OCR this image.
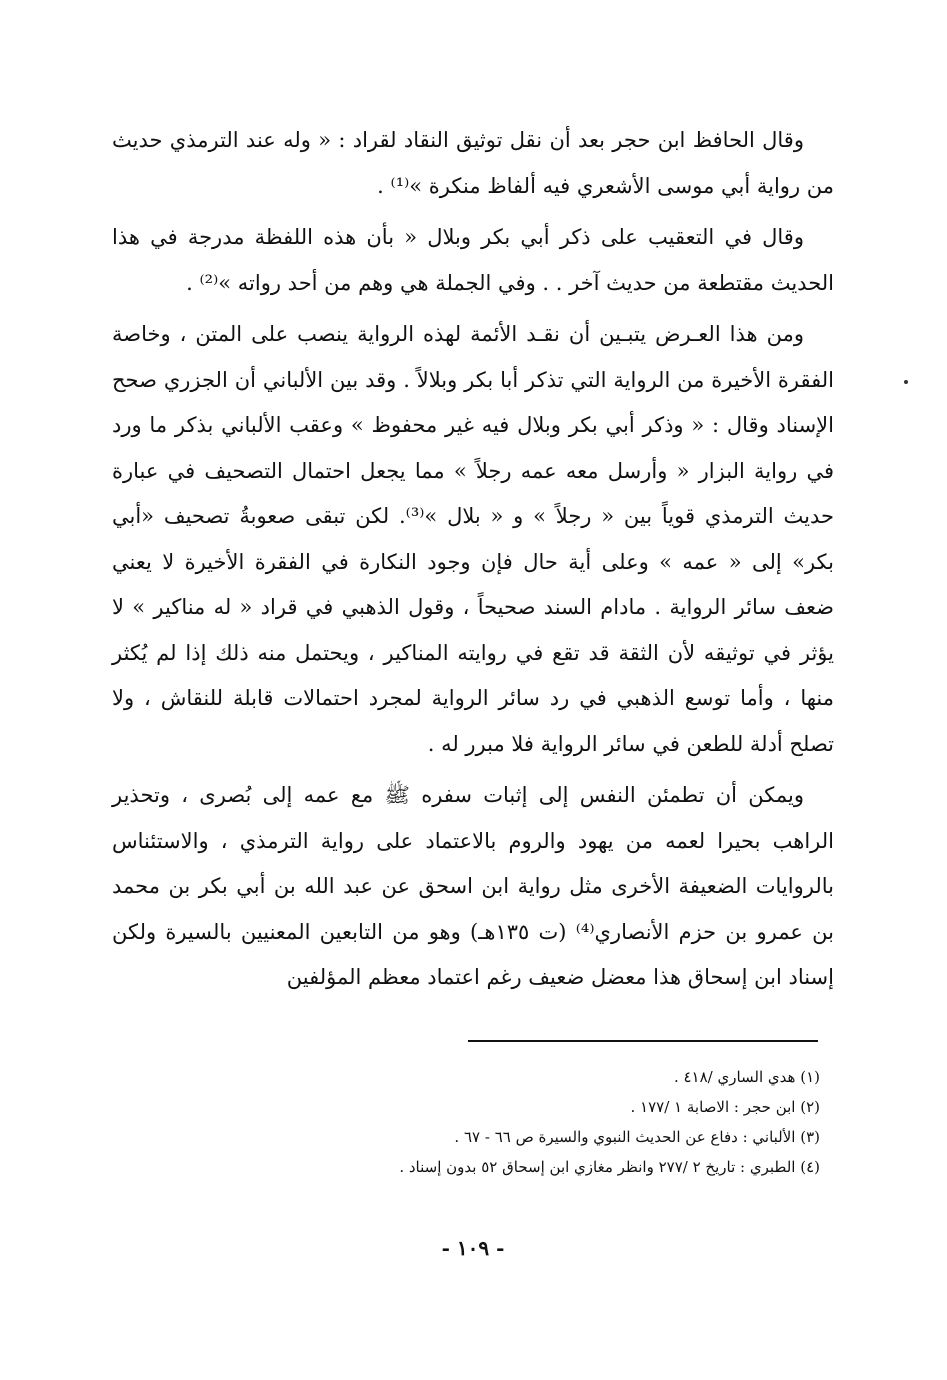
وقال الحافظ ابن حجر بعد أن نقل توثيق النقاد لقراد : « وله عند الترمذي حديث من رواية أبي موسى الأشعري فيه ألفاظ منكرة »⁽¹⁾ .

وقال في التعقيب على ذكر أبي بكر وبلال « بأن هذه اللفظة مدرجة في هذا الحديث مقتطعة من حديث آخر . . وفي الجملة هي وهم من أحد رواته »⁽²⁾ .

ومن هذا العـرض يتبـين أن نقـد الأئمة لهذه الرواية ينصب على المتن ، وخاصة الفقرة الأخيرة من الرواية التي تذكر أبا بكر وبلالاً . وقد بين الألباني أن الجزري صحح الإسناد وقال : « وذكر أبي بكر وبلال فيه غير محفوظ » وعقب الألباني بذكر ما ورد في رواية البزار « وأرسل معه عمه رجلاً » مما يجعل احتمال التصحيف في عبارة حديث الترمذي قوياً بين « رجلاً » و « بلال »⁽³⁾. لكن تبقى صعوبةُ تصحيف «أبي بكر» إلى « عمه » وعلى أية حال فإن وجود النكارة في الفقرة الأخيرة لا يعني ضعف سائر الرواية . مادام السند صحيحاً ، وقول الذهبي في قراد « له مناكير » لا يؤثر في توثيقه لأن الثقة قد تقع في روايته المناكير ، ويحتمل منه ذلك إذا لم يُكثر منها ، وأما توسع الذهبي في رد سائر الرواية لمجرد احتمالات قابلة للنقاش ، ولا تصلح أدلة للطعن في سائر الرواية فلا مبرر له .

ويمكن أن تطمئن النفس إلى إثبات سفره ﷺ مع عمه إلى بُصرى ، وتحذير الراهب بحيرا لعمه من يهود والروم بالاعتماد على رواية الترمذي ، والاستئناس بالروايات الضعيفة الأخرى مثل رواية ابن اسحق عن عبد الله بن أبي بكر بن محمد بن عمرو بن حزم الأنصاري⁽⁴⁾ (ت ١٣٥هـ) وهو من التابعين المعنيين بالسيرة ولكن إسناد ابن إسحاق هذا معضل ضعيف رغم اعتماد معظم المؤلفين

(١) هدي الساري /٤١٨ .
(٢) ابن حجر : الاصابة ١ /١٧٧ .
(٣) الألباني : دفاع عن الحديث النبوي والسيرة ص ٦٦ - ٦٧ .
(٤) الطبري : تاريخ ٢ /٢٧٧ وانظر مغازي ابن إسحاق ٥٢ بدون إسناد .
- ١٠٩ -
